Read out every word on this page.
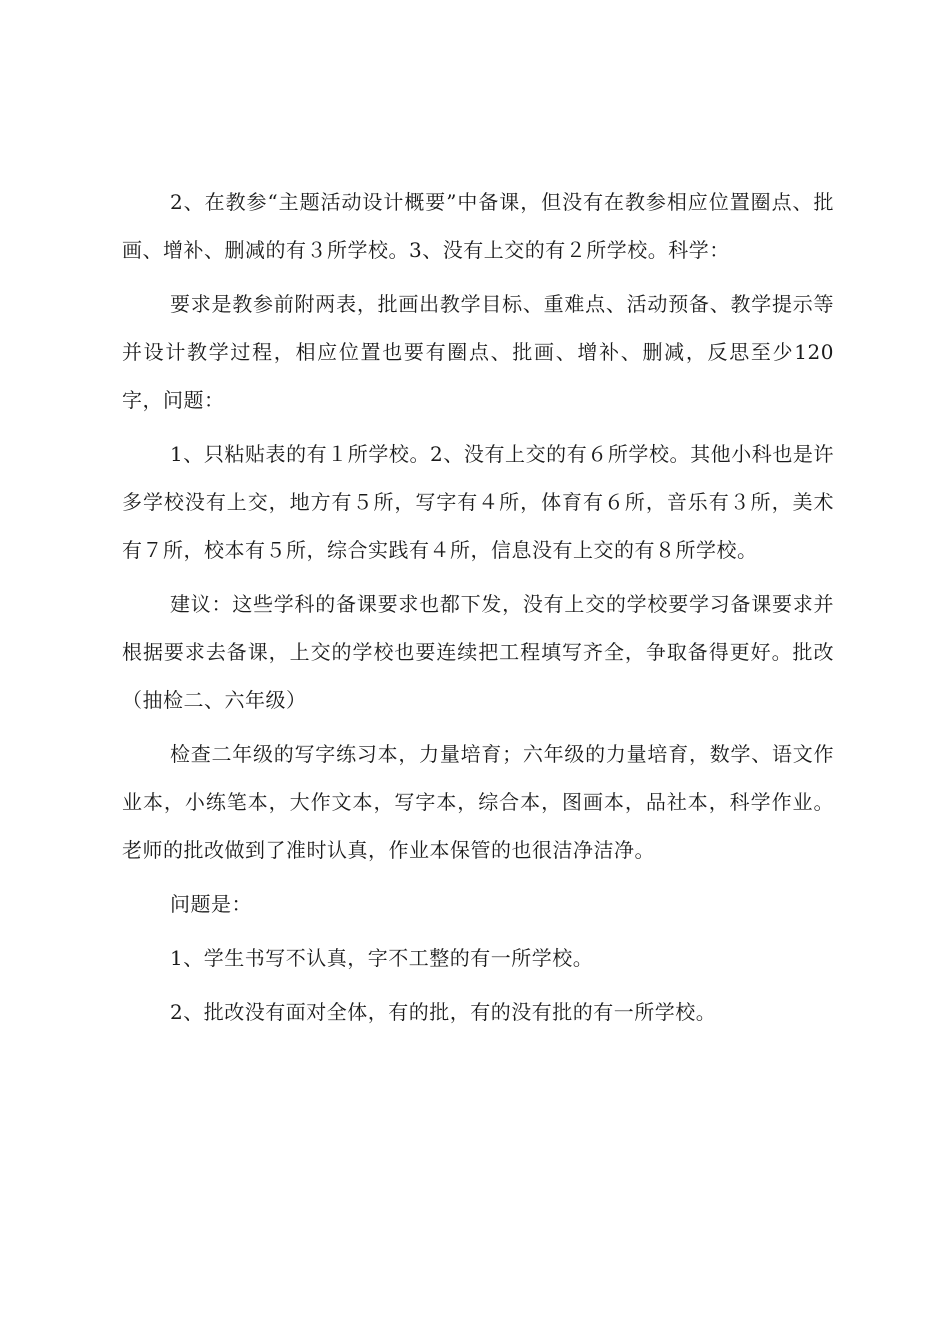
2、在教参“主题活动设计概要”中备课，但没有在教参相应位置圈点、批画、增补、删减的有３所学校。3、没有上交的有２所学校。科学：

要求是教参前附两表，批画出教学目标、重难点、活动预备、教学提示等并设计教学过程，相应位置也要有圈点、批画、增补、删减，反思至少120字，问题：

1、只粘贴表的有１所学校。2、没有上交的有６所学校。其他小科也是许多学校没有上交，地方有５所，写字有４所，体育有６所，音乐有３所，美术有７所，校本有５所，综合实践有４所，信息没有上交的有８所学校。

建议：这些学科的备课要求也都下发，没有上交的学校要学习备课要求并根据要求去备课，上交的学校也要连续把工程填写齐全，争取备得更好。批改（抽检二、六年级）

检查二年级的写字练习本，力量培育；六年级的力量培育，数学、语文作业本，小练笔本，大作文本，写字本，综合本，图画本，品社本，科学作业。老师的批改做到了准时认真，作业本保管的也很洁净洁净。

问题是：

1、学生书写不认真，字不工整的有一所学校。

2、批改没有面对全体，有的批，有的没有批的有一所学校。
